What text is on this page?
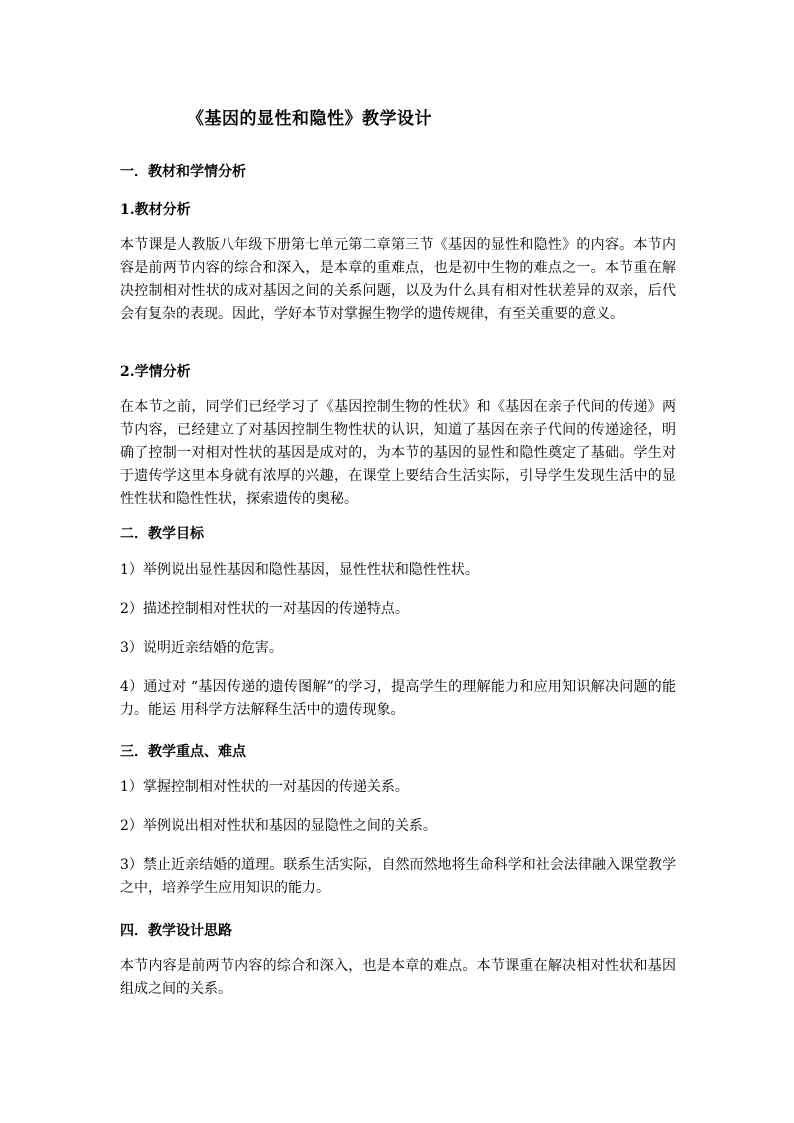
《基因的显性和隐性》教学设计
一．教材和学情分析
1.教材分析
本节课是人教版八年级下册第七单元第二章第三节《基因的显性和隐性》的内容。本节内容是前两节内容的综合和深入，是本章的重难点，也是初中生物的难点之一。本节重在解决控制相对性状的成对基因之间的关系问题，以及为什么具有相对性状差异的双亲，后代会有复杂的表现。因此，学好本节对掌握生物学的遗传规律，有至关重要的意义。
2.学情分析
在本节之前，同学们已经学习了《基因控制生物的性状》和《基因在亲子代间的传递》两节内容，已经建立了对基因控制生物性状的认识，知道了基因在亲子代间的传递途径，明确了控制一对相对性状的基因是成对的，为本节的基因的显性和隐性奠定了基础。学生对于遗传学这里本身就有浓厚的兴趣，在课堂上要结合生活实际，引导学生发现生活中的显性性状和隐性性状，探索遗传的奥秘。
二．教学目标
1）举例说出显性基因和隐性基因，显性性状和隐性性状。
2）描述控制相对性状的一对基因的传递特点。
3）说明近亲结婚的危害。
4）通过对 “基因传递的遗传图解”的学习，提高学生的理解能力和应用知识解决问题的能力。能运 用科学方法解释生活中的遗传现象。
三．教学重点、难点
1）掌握控制相对性状的一对基因的传递关系。
2）举例说出相对性状和基因的显隐性之间的关系。
3）禁止近亲结婚的道理。联系生活实际，自然而然地将生命科学和社会法律融入课堂教学之中，培养学生应用知识的能力。
四．教学设计思路
本节内容是前两节内容的综合和深入，也是本章的难点。本节课重在解决相对性状和基因组成之间的关系。
